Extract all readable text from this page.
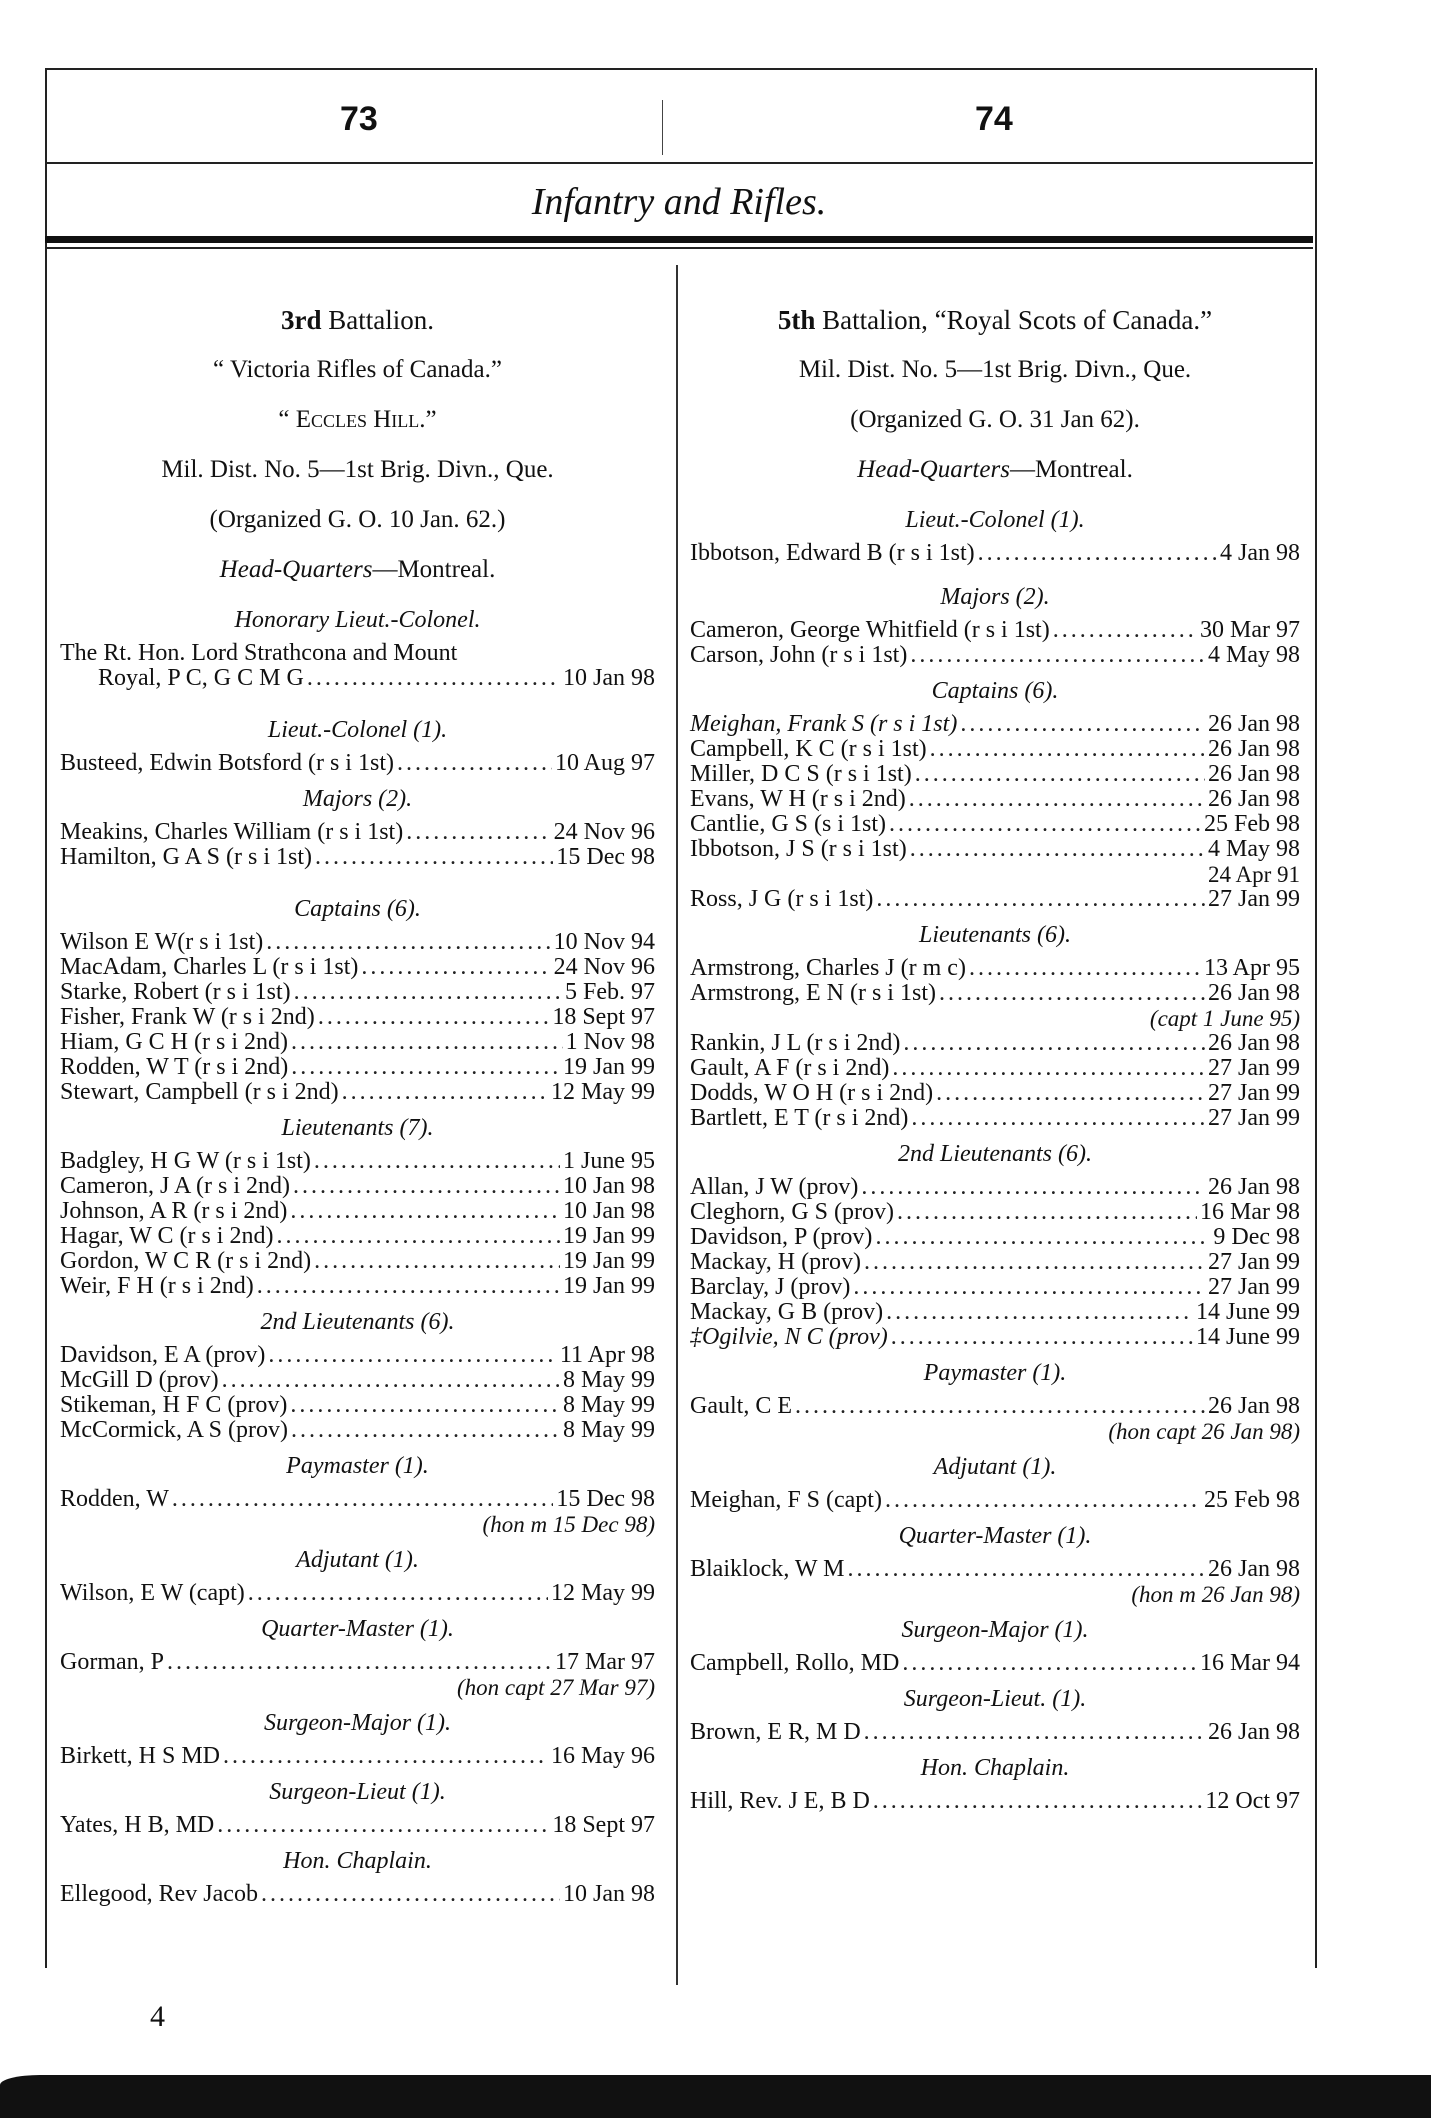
73	74
Infantry and Rifles.
3rd Battalion.
“ Victoria Rifles of Canada.”
“ Eccles Hill.”
Mil. Dist. No. 5—1st Brig. Divn., Que.
(Organized G. O. 10 Jan. 62.)
Head-Quarters—Montreal.
Honorary Lieut.-Colonel.
The Rt. Hon. Lord Strathcona and Mount
Royal, P C, G C M G .....	10 Jan 98
Lieut.-Colonel (1).
Busteed, Edwin Botsford (r s i 1st) .....	10 Aug 97
Majors (2).
Meakins, Charles William (r s i 1st) .....	24 Nov 96
Hamilton, G A S (r s i 1st) .....	15 Dec 98
Captains (6).
Wilson E W(r s i 1st) .....	10 Nov 94
MacAdam, Charles L (r s i 1st) .....	24 Nov 96
Starke, Robert (r s i 1st) .....	5 Feb. 97
Fisher, Frank W (r s i 2nd) .....	18 Sept 97
Hiam, G C H (r s i 2nd) .....	1 Nov 98
Rodden, W T (r s i 2nd) .....	19 Jan 99
Stewart, Campbell (r s i 2nd) .....	12 May 99
Lieutenants (7).
Badgley, H G W (r s i 1st) .....	1 June 95
Cameron, J A (r s i 2nd) .....	10 Jan 98
Johnson, A R (r s i 2nd) .....	10 Jan 98
Hagar, W C (r s i 2nd) .....	19 Jan 99
Gordon, W C R (r s i 2nd) .....	19 Jan 99
Weir, F H (r s i 2nd) .....	19 Jan 99
2nd Lieutenants (6).
Davidson, E A (prov) .....	11 Apr 98
McGill D (prov) .....	8 May 99
Stikeman, H F C (prov) .....	8 May 99
McCormick, A S (prov) .....	8 May 99
Paymaster (1).
Rodden, W .....	15 Dec 98
(hon m 15 Dec 98)
Adjutant (1).
Wilson, E W (capt) .....	12 May 99
Quarter-Master (1).
Gorman, P .....	17 Mar 97
(hon capt 27 Mar 97)
Surgeon-Major (1).
Birkett, H S MD .....	16 May 96
Surgeon-Lieut (1).
Yates, H B, MD .....	18 Sept 97
Hon. Chaplain.
Ellegood, Rev Jacob .....	10 Jan 98
5th Battalion, “Royal Scots of Canada.”
Mil. Dist. No. 5—1st Brig. Divn., Que.
(Organized G. O. 31 Jan 62).
Head-Quarters—Montreal.
Lieut.-Colonel (1).
Ibbotson, Edward B (r s i 1st) .....	4 Jan 98
Majors (2).
Cameron, George Whitfield (r s i 1st) .....	30 Mar 97
Carson, John (r s i 1st) .....	4 May 98
Captains (6).
Meighan, Frank S (r s i 1st) .....	26 Jan 98
Campbell, K C (r s i 1st) .....	26 Jan 98
Miller, D C S (r s i 1st) .....	26 Jan 98
Evans, W H (r s i 2nd) .....	26 Jan 98
Cantlie, G S (s i 1st) .....	25 Feb 98
Ibbotson, J S (r s i 1st) .....	4 May 98
24 Apr 91
Ross, J G (r s i 1st) .....	27 Jan 99
Lieutenants (6).
Armstrong, Charles J (r m c) .....	13 Apr 95
Armstrong, E N (r s i 1st) .....	26 Jan 98
(capt 1 June 95)
Rankin, J L (r s i 2nd) .....	26 Jan 98
Gault, A F (r s i 2nd) .....	27 Jan 99
Dodds, W O H (r s i 2nd) .....	27 Jan 99
Bartlett, E T (r s i 2nd) .....	27 Jan 99
2nd Lieutenants (6).
Allan, J W (prov) .....	26 Jan 98
Cleghorn, G S (prov) .....	16 Mar 98
Davidson, P (prov) .....	9 Dec 98
Mackay, H (prov) .....	27 Jan 99
Barclay, J (prov) .....	27 Jan 99
Mackay, G B (prov) .....	14 June 99
‡Ogilvie, N C (prov) .....	14 June 99
Paymaster (1).
Gault, C E .....	26 Jan 98
(hon capt 26 Jan 98)
Adjutant (1).
Meighan, F S (capt) .....	25 Feb 98
Quarter-Master (1).
Blaiklock, W M .....	26 Jan 98
(hon m 26 Jan 98)
Surgeon-Major (1).
Campbell, Rollo, MD .....	16 Mar 94
Surgeon-Lieut. (1).
Brown, E R, M D .....	26 Jan 98
Hon. Chaplain.
Hill, Rev. J E, B D .....	12 Oct 97
4
